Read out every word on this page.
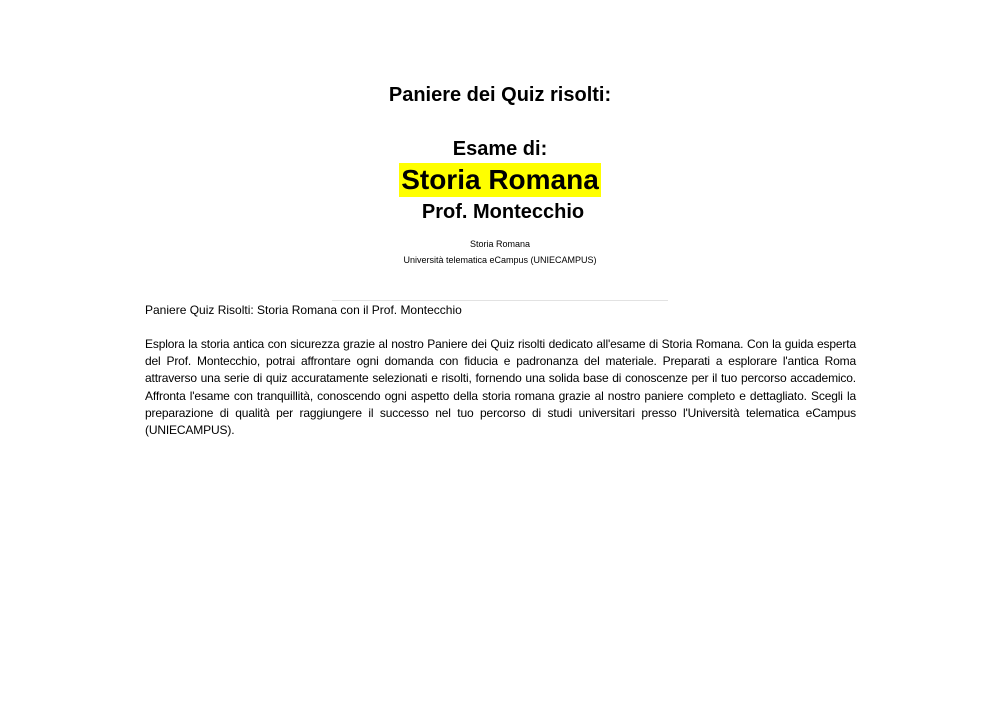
Paniere dei Quiz risolti:
Esame di:
Storia Romana
Prof. Montecchio
Storia Romana
Università telematica eCampus (UNIECAMPUS)
Paniere Quiz Risolti: Storia Romana con il Prof. Montecchio
Esplora la storia antica con sicurezza grazie al nostro Paniere dei Quiz risolti dedicato all'esame di Storia Romana. Con la guida esperta del Prof. Montecchio, potrai affrontare ogni domanda con fiducia e padronanza del materiale. Preparati a esplorare l'antica Roma attraverso una serie di quiz accuratamente selezionati e risolti, fornendo una solida base di conoscenze per il tuo percorso accademico. Affronta l'esame con tranquillità, conoscendo ogni aspetto della storia romana grazie al nostro paniere completo e dettagliato. Scegli la preparazione di qualità per raggiungere il successo nel tuo percorso di studi universitari presso l'Università telematica eCampus (UNIECAMPUS).
